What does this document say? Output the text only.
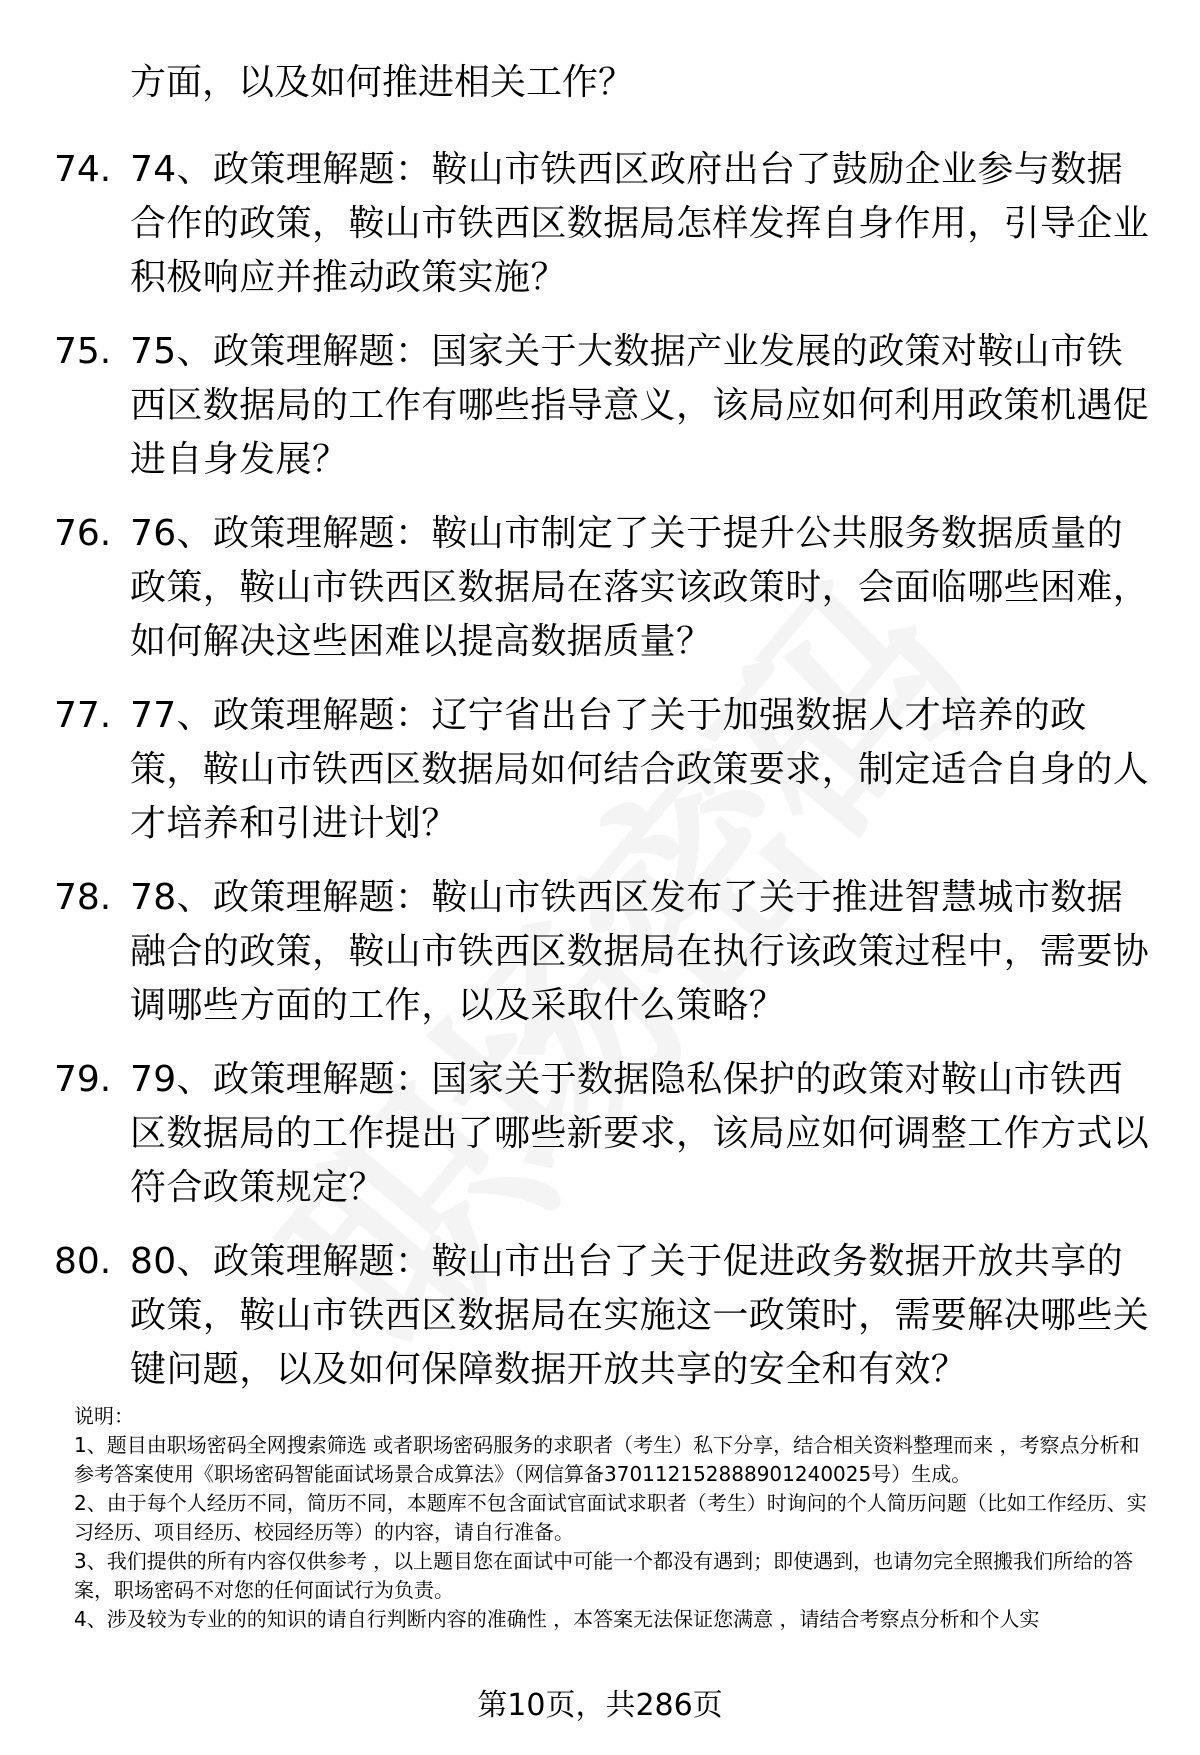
方面，以及如何推进相关工作？
74. 74、政策理解题：鞍山市铁西区政府出台了鼓励企业参与数据合作的政策，鞍山市铁西区数据局怎样发挥自身作用，引导企业积极响应并推动政策实施？
75. 75、政策理解题：国家关于大数据产业发展的政策对鞍山市铁西区数据局的工作有哪些指导意义，该局应如何利用政策机遇促进自身发展？
76. 76、政策理解题：鞍山市制定了关于提升公共服务数据质量的政策，鞍山市铁西区数据局在落实该政策时，会面临哪些困难，如何解决这些困难以提高数据质量？
77. 77、政策理解题：辽宁省出台了关于加强数据人才培养的政策，鞍山市铁西区数据局如何结合政策要求，制定适合自身的人才培养和引进计划？
78. 78、政策理解题：鞍山市铁西区发布了关于推进智慧城市数据融合的政策，鞍山市铁西区数据局在执行该政策过程中，需要协调哪些方面的工作，以及采取什么策略？
79. 79、政策理解题：国家关于数据隐私保护的政策对鞍山市铁西区数据局的工作提出了哪些新要求，该局应如何调整工作方式以符合政策规定？
80. 80、政策理解题：鞍山市出台了关于促进政务数据开放共享的政策，鞍山市铁西区数据局在实施这一政策时，需要解决哪些关键问题，以及如何保障数据开放共享的安全和有效？

说明：

1、题目由职场密码全网搜索筛选 或者职场密码服务的求职者（考生）私下分享，结合相关资料整理而来 ，考察点分析和参考答案使用《职场密码智能面试场景合成算法》（网信算备370112152888901240025号）生成。

2、由于每个人经历不同，简历不同，本题库不包含面试官面试求职者（考生）时询问的个人简历问题（比如工作经历、实习经历、项目经历、校园经历等）的内容，请自行准备。

3、我们提供的所有内容仅供参考 ，以上题目您在面试中可能一个都没有遇到；即使遇到，也请勿完全照搬我们所给的答案，职场密码不对您的任何面试行为负责。

4、涉及较为专业的的知识的请自行判断内容的准确性 ，本答案无法保证您满意 ，请结合考察点分析和个人实

第10页，共286页
